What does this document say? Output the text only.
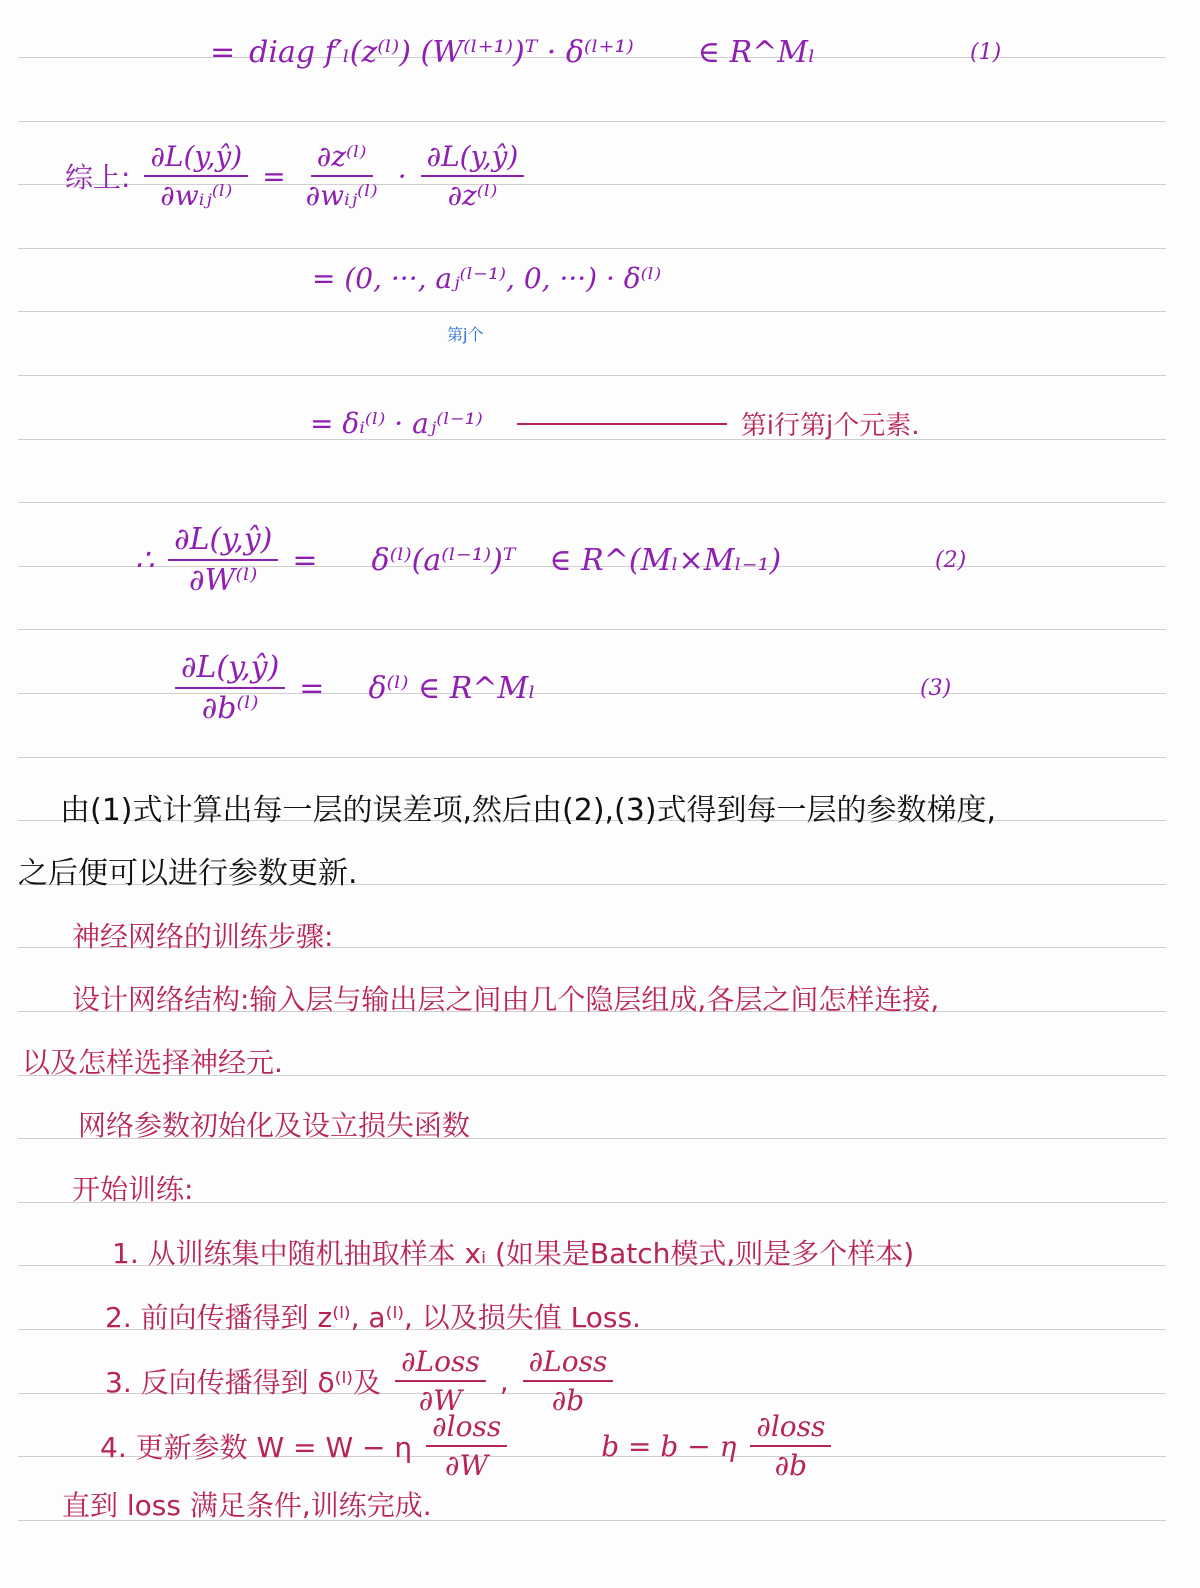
= diag f′ₗ(z⁽ˡ⁾) (W⁽ˡ⁺¹⁾)ᵀ · δ⁽ˡ⁺¹⁾ ∈ R^Mₗ	(1)
综上: $\frac{\partial L(y,ŷ)}{\text{∂wᵢⱼ⁽ˡ⁾}} = \frac{\text{∂z⁽ˡ⁾}}{\text{∂wᵢⱼ⁽ˡ⁾}} \cdot \frac{\partial L(y,ŷ)}{\text{∂z⁽ˡ⁾}}$
= (0, ···, aⱼ⁽ˡ⁻¹⁾, 0, ···) · δ⁽ˡ⁾
第j个
= δᵢ⁽ˡ⁾ · aⱼ⁽ˡ⁻¹⁾	第i行第j个元素.
∴ $\frac{\partial L(y,ŷ)}{\text{∂W⁽ˡ⁾}}$ = δ⁽ˡ⁾(a⁽ˡ⁻¹⁾)ᵀ ∈ R^(Mₗ×Mₗ₋₁)	(2)
$\frac{\partial L(y,ŷ)}{\text{∂b⁽ˡ⁾}}$ = δ⁽ˡ⁾ ∈ R^Mₗ	(3)
由(1)式计算出每一层的误差项,然后由(2),(3)式得到每一层的参数梯度,
之后便可以进行参数更新.
神经网络的训练步骤:
设计网络结构:输入层与输出层之间由几个隐层组成,各层之间怎样连接,
以及怎样选择神经元.
网络参数初始化及设立损失函数
开始训练:
1. 从训练集中随机抽取样本 xᵢ (如果是Batch模式,则是多个样本)
2. 前向传播得到 z⁽ˡ⁾, a⁽ˡ⁾, 以及损失值 Loss.
3. 反向传播得到 δ⁽ˡ⁾及 $\frac{\text{∂Loss}}{\partial W}$ , $\frac{\text{∂Loss}}{\partial b}$
4. 更新参数 W = W − η $\frac{\text{∂loss}}{\partial W}$	b = b − η $\frac{\text{∂loss}}{\partial b}$
直到 loss 满足条件,训练完成.
